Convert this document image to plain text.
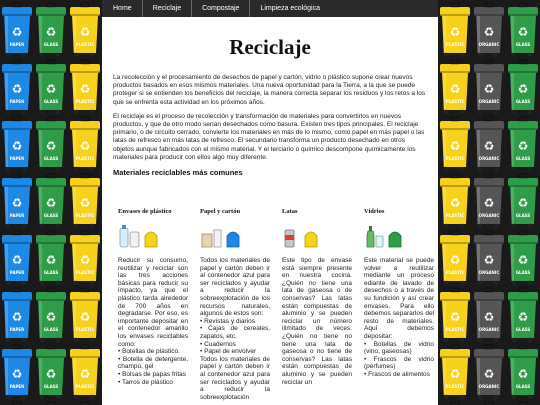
♻
PAPER
♻
GLASS
♻
PLASTIC
♻
PAPER
♻
GLASS
♻
PLASTIC
♻
PAPER
♻
GLASS
♻
PLASTIC
♻
PAPER
♻
GLASS
♻
PLASTIC
♻
PAPER
♻
GLASS
♻
PLASTIC
♻
PAPER
♻
GLASS
♻
PLASTIC
♻
PAPER
♻
GLASS
♻
PLASTIC
♻
PLASTIC
♻
ORGANIC
♻
GLASS
♻
PLASTIC
♻
ORGANIC
♻
GLASS
♻
PLASTIC
♻
ORGANIC
♻
GLASS
♻
PLASTIC
♻
ORGANIC
♻
GLASS
♻
PLASTIC
♻
ORGANIC
♻
GLASS
♻
PLASTIC
♻
ORGANIC
♻
GLASS
♻
PLASTIC
♻
ORGANIC
♻
GLASS
Home	Reciclaje	Compostaje	Limpieza ecológica
Reciclaje

La recolección y el procesamiento de desechos de papel y cartón, vidrio o plástico supone crear nuevos productos basados en esos mismos materiales. Una nueva oportunidad para la Tierra, a la que se puede proteger si se entienden los beneficios del reciclaje, la manera correcta separar los residuos y los retos a los que se enfrenta esta actividad en los próximos años.

El reciclaje es el proceso de recolección y transformación de materiales para convertirlos en nuevos productos, y que de otro modo serían desechados como basura. Existen tres tipos principales. El reciclaje primario, o de circuito cerrado, convierte los materiales en más de lo mismo, como papel en más papel o las latas de refresco en más latas de refresco. El secundario transforma un producto desechado en otros objetos aunque fabricados con el mismo material. Y el terciario o químico descompone químicamente los materiales para producir con ellos algo muy diferente.

Materiales reciclables más comunes
Envases de plástico
Reducir su consumo, reutilizar y reciclar son las tres acciones básicas para reducir su impacto, ya que el plástico tarda alrededor de 700 años en degradarse. Por eso, es importante depositar en el contenedor amarillo los envases reciclables como:
• Botellas de plástico.
• Botella de detergente, champú, gel
• Bolsas de papas fritas
• Tarros de plástico
Papel y cartón
Todos los materiales de papel y cartón deben ir al contenedor azul para ser reciclados y ayudar a reducir la sobreexplotación de los recursos naturales, algunos de estos son:
• Revistas y diarios
• Cajas de cereales, zapatos, etc.
• Cuadernos
• Papel de envolver
Todos los materiales de papel y cartón deben ir al contenedor azul para ser reciclados y ayudar a reducir la sobreexplotación
Latas
Este tipo de envase está siempre presente en nuestra cocina. ¿Quién no tiene una lata de gaseosa o de conservas? Las latas están compuestas de aluminio y se pueden reciclar un número ilimitado de veces. ¿Quién no tiene no tiene una lata de gaseosa o no tiene de conservas? Las latas están compuestas de aluminio y se pueden reciclar un
Vidrios
Este material se puede volver a reutilizar mediante un proceso ediante de lavado de desechos o a través de su fundición y así crear envases. Para ello debemos separarlos del resto de materiales. Aquí debemos depositar:
• Botellas de vidrio (vino, gaseosas)
• Frascos de vidrio (perfumes)
• Frascos de alimentos
